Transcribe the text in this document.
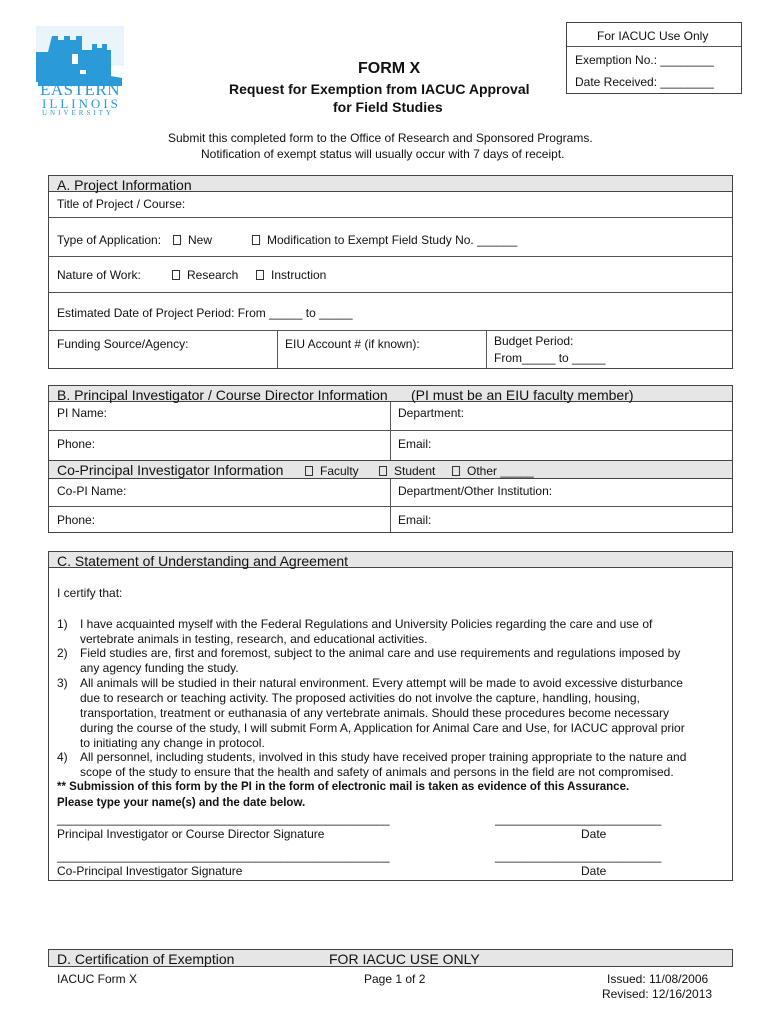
EASTERN
ILLINOIS
UNIVERSITY
For IACUC Use Only
Exemption No.: ________
Date Received: ________
FORM X
Request for Exemption from IACUC Approval
for Field Studies
Submit this completed form to the Office of Research and Sponsored Programs.
Notification of exempt status will usually occur with 7 days of receipt.
A. Project Information
Title of Project / Course:
Type of Application:	New	Modification to Exempt Field Study No. ______
Nature of Work:	Research	Instruction
Estimated Date of Project Period: From _____ to _____
Funding Source/Agency:	EIU Account # (if known):	Budget Period:
From_____ to _____
B. Principal Investigator / Course Director Information (PI must be an EIU faculty member)
PI Name:	Department:
Phone:	Email:
Co-Principal Investigator Information	Faculty	Student	Other _____
Co-PI Name:	Department/Other Institution:
Phone:	Email:
C. Statement of Understanding and Agreement
I certify that:
1) I have acquainted myself with the Federal Regulations and University Policies regarding the care and use of
vertebrate animals in testing, research, and educational activities.
2) Field studies are, first and foremost, subject to the animal care and use requirements and regulations imposed by
any agency funding the study.
3) All animals will be studied in their natural environment. Every attempt will be made to avoid excessive disturbance
due to research or teaching activity. The proposed activities do not involve the capture, handling, housing,
transportation, treatment or euthanasia of any vertebrate animals. Should these procedures become necessary
during the course of the study, I will submit Form A, Application for Animal Care and Use, for IACUC approval prior
to initiating any change in protocol.
4) All personnel, including students, involved in this study have received proper training appropriate to the nature and
scope of the study to ensure that the health and safety of animals and persons in the field are not compromised.
** Submission of this form by the PI in the form of electronic mail is taken as evidence of this Assurance.
Please type your name(s) and the date below.
____________________________________________________	__________________________
Principal Investigator or Course Director Signature	Date
____________________________________________________	__________________________
Co-Principal Investigator Signature	Date
D. Certification of Exemption	FOR IACUC USE ONLY
IACUC Form X	Page 1 of 2	Issued: 11/08/2006
Revised: 12/16/2013
